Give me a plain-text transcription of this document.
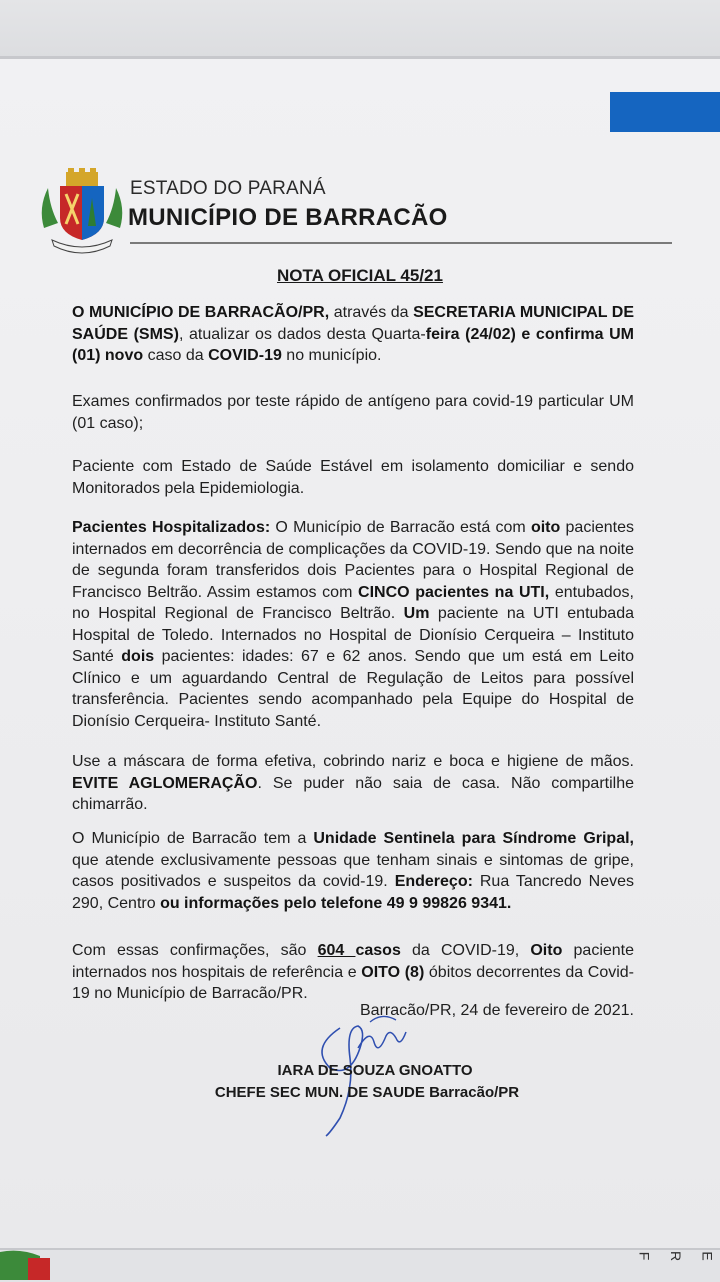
ESTADO DO PARANÁ
MUNICÍPIO DE BARRACÃO
NOTA OFICIAL 45/21
O MUNICÍPIO DE BARRACÃO/PR, através da SECRETARIA MUNICIPAL DE SAÚDE (SMS), atualizar os dados desta Quarta-feira (24/02) e confirma UM (01) novo caso da COVID-19 no município.
Exames confirmados por teste rápido de antígeno para covid-19 particular UM (01 caso);
Paciente com Estado de Saúde Estável em isolamento domiciliar e sendo Monitorados pela Epidemiologia.
Pacientes Hospitalizados: O Município de Barracão está com oito pacientes internados em decorrência de complicações da COVID-19. Sendo que na noite de segunda foram transferidos dois Pacientes para o Hospital Regional de Francisco Beltrão. Assim estamos com CINCO pacientes na UTI, entubados, no Hospital Regional de Francisco Beltrão. Um paciente na UTI entubada Hospital de Toledo. Internados no Hospital de Dionísio Cerqueira – Instituto Santé dois pacientes: idades: 67 e 62 anos. Sendo que um está em Leito Clínico e um aguardando Central de Regulação de Leitos para possível transferência. Pacientes sendo acompanhado pela Equipe do Hospital de Dionísio Cerqueira- Instituto Santé.
Use a máscara de forma efetiva, cobrindo nariz e boca e higiene de mãos. EVITE AGLOMERAÇÃO. Se puder não saia de casa. Não compartilhe chimarrão.
O Município de Barracão tem a Unidade Sentinela para Síndrome Gripal, que atende exclusivamente pessoas que tenham sinais e sintomas de gripe, casos positivados e suspeitos da covid-19. Endereço: Rua Tancredo Neves 290, Centro ou informações pelo telefone 49 9 99826 9341.
Com essas confirmações, são 604 casos da COVID-19, Oito paciente internados nos hospitais de referência e OITO (8) óbitos decorrentes da Covid-19 no Município de Barracão/PR.
Barracão/PR, 24 de fevereiro de 2021.
IARA DE SOUZA GNOATTO
CHEFE SEC MUN. DE SAUDE Barracão/PR
F R E
